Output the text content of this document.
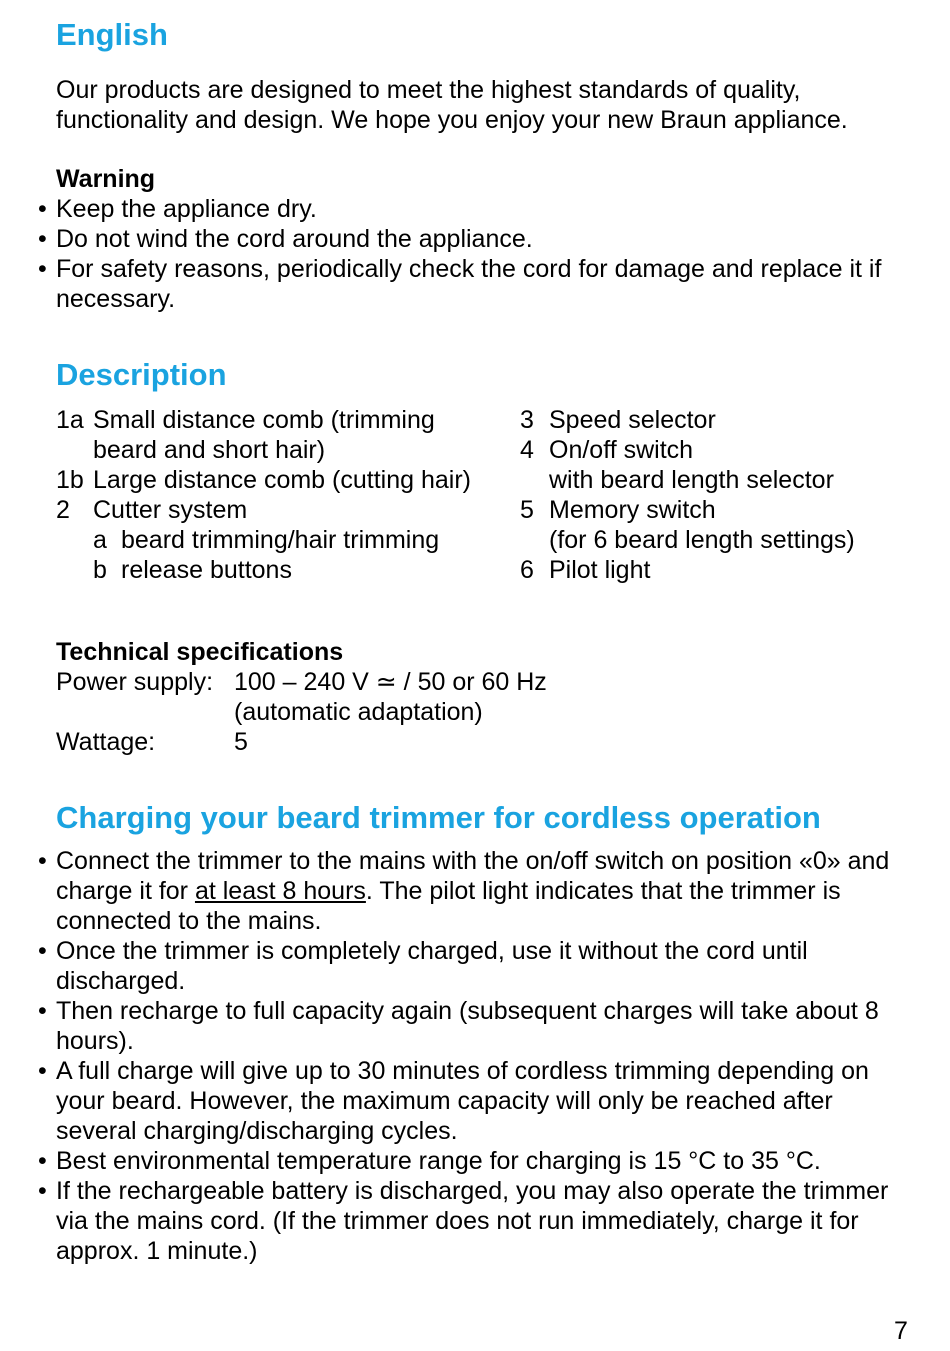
English
Our products are designed to meet the highest standards of quality, functionality and design. We hope you enjoy your new Braun appliance.
Warning
• Keep the appliance dry.
• Do not wind the cord around the appliance.
• For safety reasons, periodically check the cord for damage and replace it if necessary.
Description
1a Small distance comb (trimming
beard and short hair)
1b Large distance comb (cutting hair)
2 Cutter system
a beard trimming/hair trimming
b release buttons
3 Speed selector
4 On/off switch
with beard length selector
5 Memory switch
(for 6 beard length settings)
6 Pilot light
Technical specifications
Power supply: 100 – 240 V ≃ / 50 or 60 Hz
(automatic adaptation)
Wattage:	5
Charging your beard trimmer for cordless operation
• Connect the trimmer to the mains with the on/off switch on position «0» and charge it for at least 8 hours. The pilot light indicates that the trimmer is connected to the mains.
• Once the trimmer is completely charged, use it without the cord until discharged.
• Then recharge to full capacity again (subsequent charges will take about 8 hours).
• A full charge will give up to 30 minutes of cordless trimming depending on your beard. However, the maximum capacity will only be reached after several charging/discharging cycles.
• Best environmental temperature range for charging is 15 °C to 35 °C.
• If the rechargeable battery is discharged, you may also operate the trimmer via the mains cord. (If the trimmer does not run immediately, charge it for approx. 1 minute.)
7
